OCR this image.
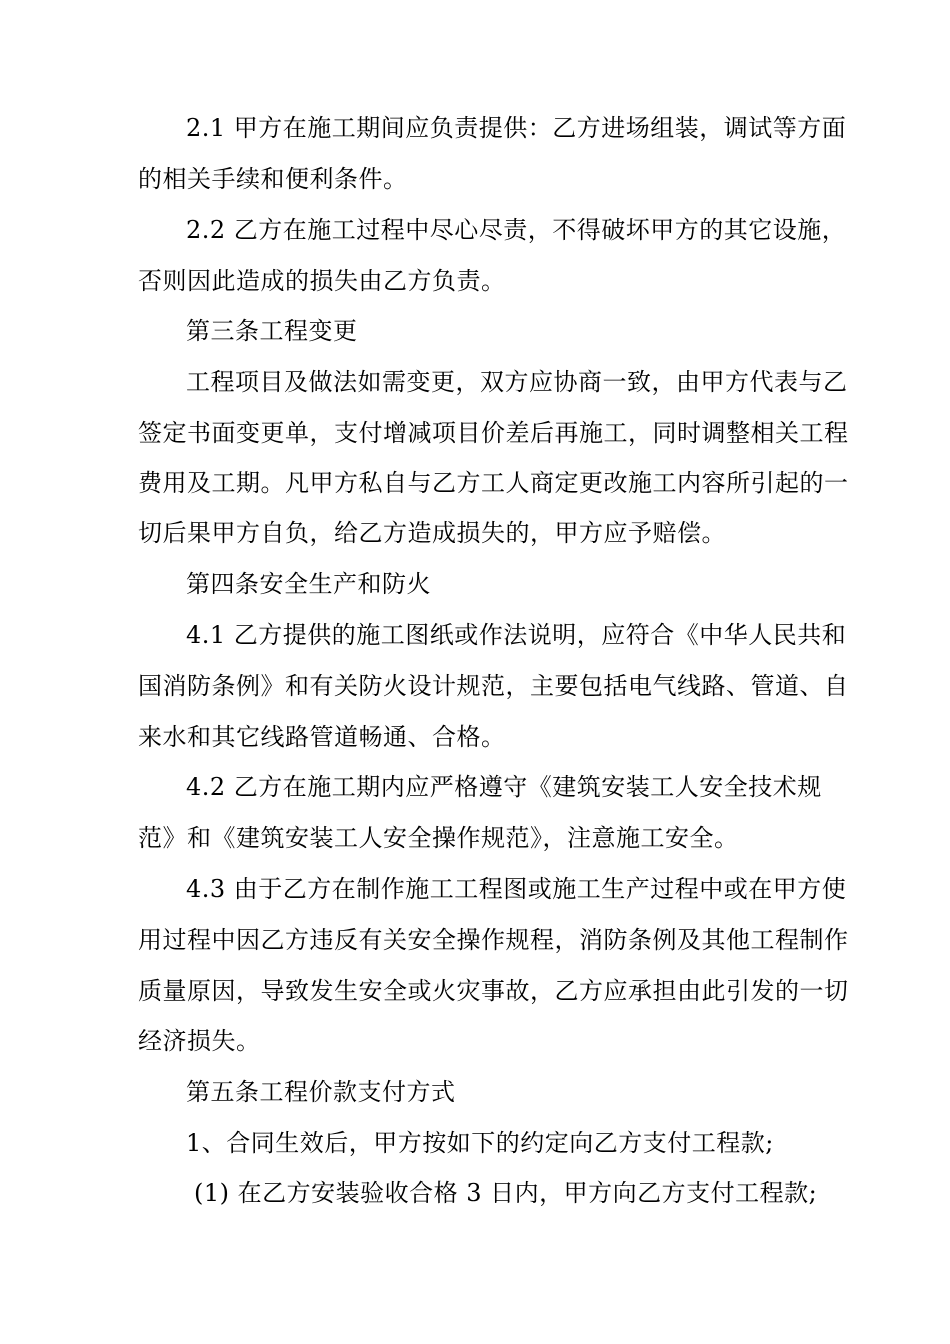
2.1 甲方在施工期间应负责提供：乙方进场组装，调试等方面
的相关手续和便利条件。
2.2 乙方在施工过程中尽心尽责，不得破坏甲方的其它设施，
否则因此造成的损失由乙方负责。
第三条工程变更
工程项目及做法如需变更，双方应协商一致，由甲方代表与乙
签定书面变更单，支付增减项目价差后再施工，同时调整相关工程
费用及工期。凡甲方私自与乙方工人商定更改施工内容所引起的一
切后果甲方自负，给乙方造成损失的，甲方应予赔偿。
第四条安全生产和防火
4.1 乙方提供的施工图纸或作法说明，应符合《中华人民共和
国消防条例》和有关防火设计规范，主要包括电气线路、管道、自
来水和其它线路管道畅通、合格。
4.2 乙方在施工期内应严格遵守《建筑安装工人安全技术规
范》和《建筑安装工人安全操作规范》，注意施工安全。
4.3 由于乙方在制作施工工程图或施工生产过程中或在甲方使
用过程中因乙方违反有关安全操作规程，消防条例及其他工程制作
质量原因，导致发生安全或火灾事故，乙方应承担由此引发的一切
经济损失。
第五条工程价款支付方式
1、合同生效后，甲方按如下的约定向乙方支付工程款;
(1) 在乙方安装验收合格 3 日内，甲方向乙方支付工程款;
